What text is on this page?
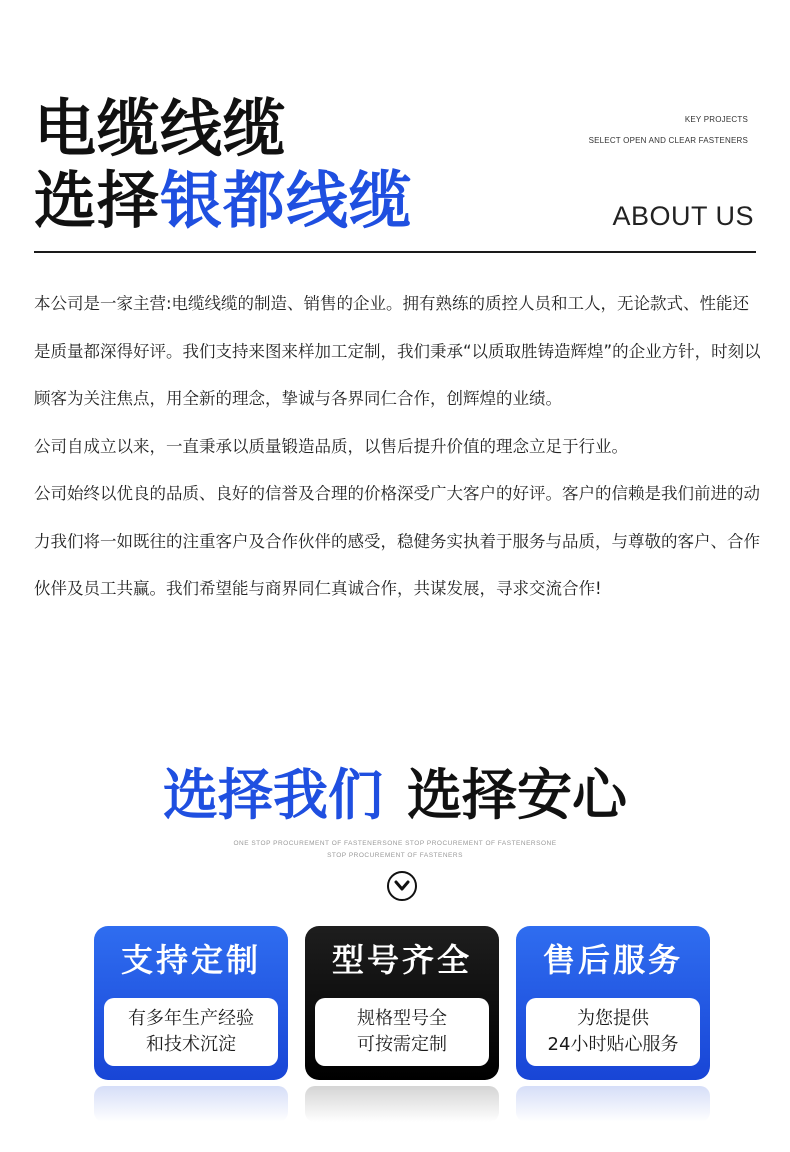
电缆线缆
选择银都线缆
KEY PROJECTS
SELECT OPEN AND CLEAR FASTENERS
ABOUT US

本公司是一家主营:电缆线缆的制造、销售的企业。拥有熟练的质控人员和工人，无论款式、性能还是质量都深得好评。我们支持来图来样加工定制，我们秉承“以质取胜铸造辉煌”的企业方针，时刻以顾客为关注焦点，用全新的理念，挚诚与各界同仁合作，创辉煌的业绩。

公司自成立以来，一直秉承以质量锻造品质，以售后提升价值的理念立足于行业。

公司始终以优良的品质、良好的信誉及合理的价格深受广大客户的好评。客户的信赖是我们前进的动力我们将一如既往的注重客户及合作伙伴的感受，稳健务实执着于服务与品质，与尊敬的客户、合作伙伴及员工共赢。我们希望能与商界同仁真诚合作，共谋发展，寻求交流合作!

选择我们 选择安心
ONE STOP PROCUREMENT OF FASTENERSONE STOP PROCUREMENT OF FASTENERSONE
STOP PROCUREMENT OF FASTENERS
支持定制
有多年生产经验
和技术沉淀
型号齐全
规格型号全
可按需定制
售后服务
为您提供
24小时贴心服务
